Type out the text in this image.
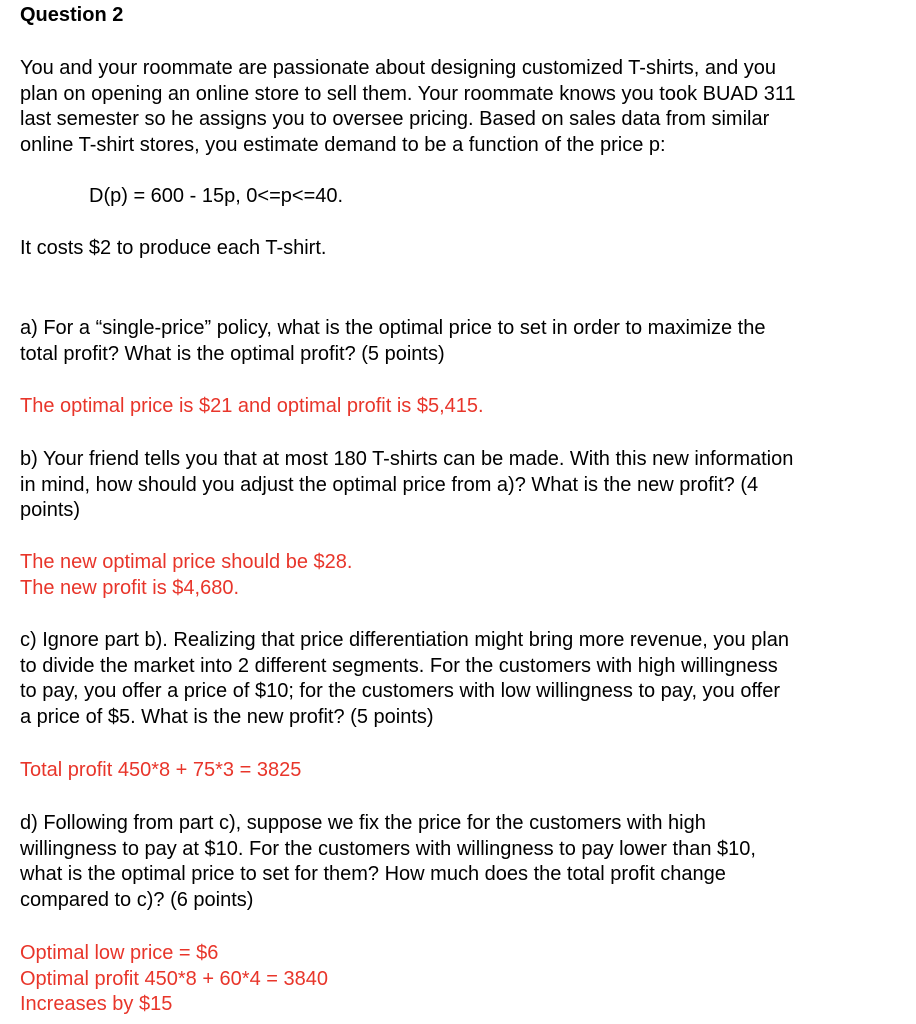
Question 2
You and your roommate are passionate about designing customized T-shirts, and you
plan on opening an online store to sell them. Your roommate knows you took BUAD 311
last semester so he assigns you to oversee pricing. Based on sales data from similar
online T-shirt stores, you estimate demand to be a function of the price p:
D(p) = 600 - 15p, 0<=p<=40.
It costs $2 to produce each T-shirt.
a) For a “single-price” policy, what is the optimal price to set in order to maximize the
total profit? What is the optimal profit? (5 points)
The optimal price is $21 and optimal profit is $5,415.
b) Your friend tells you that at most 180 T-shirts can be made. With this new information
in mind, how should you adjust the optimal price from a)? What is the new profit? (4
points)
The new optimal price should be $28.
The new profit is $4,680.
c) Ignore part b). Realizing that price differentiation might bring more revenue, you plan
to divide the market into 2 different segments. For the customers with high willingness
to pay, you offer a price of $10; for the customers with low willingness to pay, you offer
a price of $5. What is the new profit? (5 points)
Total profit 450*8 + 75*3 = 3825
d) Following from part c), suppose we fix the price for the customers with high
willingness to pay at $10. For the customers with willingness to pay lower than $10,
what is the optimal price to set for them? How much does the total profit change
compared to c)? (6 points)
Optimal low price = $6
Optimal profit 450*8 + 60*4 = 3840
Increases by $15
